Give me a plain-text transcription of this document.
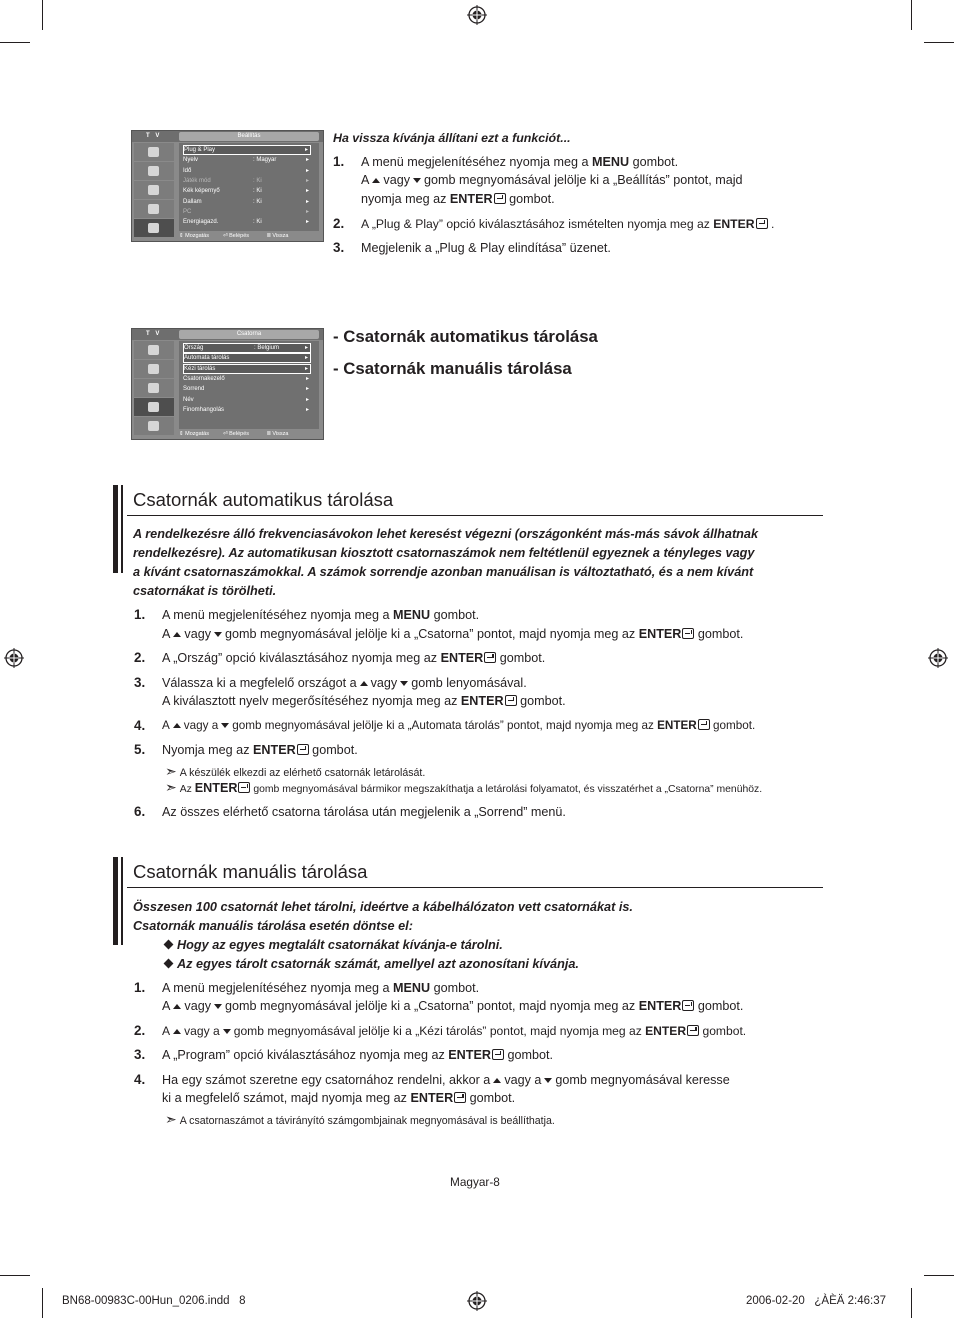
T V	Beállítás
Plug & Play	▸
Nyelv	: Magyar	▸
Idő	▸
Játék mód	: Ki	▸
Kék képernyő	: Ki	▸
Dallam	: Ki	▸
PC	▸
Energiagazd.	: Ki	▸
⇕ Mozgatás	⏎ Belépés	Ⅲ Vissza
T V	Csatorna
Ország	: Belgium	▸
Automata tárolás	▸
Kézi tárolás	▸
Csatornakezelő	▸
Sorrend	▸
Név	▸
Finomhangolás	▸
⇕ Mozgatás	⏎ Belépés	Ⅲ Vissza
Ha vissza kívánja állítani ezt a funkciót...
1. A menü megjelenítéséhez nyomja meg a MENU gombot.
A vagy gomb megnyomásával jelölje ki a „Beállítás” pontot, majd
nyomja meg az ENTER gombot.
2. A „Plug & Play” opció kiválasztásához ismételten nyomja meg az ENTER .
3. Megjelenik a „Plug & Play elindítása” üzenet.
- Csatornák automatikus tárolása
- Csatornák manuális tárolása
Csatornák automatikus tárolása
A rendelkezésre álló frekvenciasávokon lehet keresést végezni (országonként más-más sávok állhatnak
rendelkezésre). Az automatikusan kiosztott csatornaszámok nem feltétlenül egyeznek a tényleges vagy
a kívánt csatornaszámokkal. A számok sorrendje azonban manuálisan is változtatható, és a nem kívánt
csatornákat is törölheti.
1. A menü megjelenítéséhez nyomja meg a MENU gombot.
A vagy gomb megnyomásával jelölje ki a „Csatorna” pontot, majd nyomja meg az ENTER gombot.
2. A „Ország” opció kiválasztásához nyomja meg az ENTER gombot.
3. Válassza ki a megfelelő országot a vagy gomb lenyomásával.
A kiválasztott nyelv megerősítéséhez nyomja meg az ENTER gombot.
4. A vagy a gomb megnyomásával jelölje ki a „Automata tárolás” pontot, majd nyomja meg az ENTER gombot.
5. Nyomja meg az ENTER gombot.
➣ A készülék elkezdi az elérhető csatornák letárolását.
➣ Az ENTER gomb megnyomásával bármikor megszakíthatja a letárolási folyamatot, és visszatérhet a „Csatorna” menühöz.
6. Az összes elérhető csatorna tárolása után megjelenik a „Sorrend” menü.
Csatornák manuális tárolása
Összesen 100 csatornát lehet tárolni, ideértve a kábelhálózaton vett csatornákat is.
Csatornák manuális tárolása esetén döntse el:
Hogy az egyes megtalált csatornákat kívánja-e tárolni.
Az egyes tárolt csatornák számát, amellyel azt azonosítani kívánja.
1. A menü megjelenítéséhez nyomja meg a MENU gombot.
A vagy gomb megnyomásával jelölje ki a „Csatorna” pontot, majd nyomja meg az ENTER gombot.
2. A vagy a gomb megnyomásával jelölje ki a „Kézi tárolás” pontot, majd nyomja meg az ENTER gombot.
3. A „Program” opció kiválasztásához nyomja meg az ENTER gombot.
4. Ha egy számot szeretne egy csatornához rendelni, akkor a vagy a gomb megnyomásával keresse
ki a megfelelő számot, majd nyomja meg az ENTER gombot.
➣ A csatornaszámot a távirányító számgombjainak megnyomásával is beállíthatja.
Magyar-8
BN68-00983C-00Hun_0206.indd   8	2006-02-20   ¿ÀÈÄ 2:46:37
